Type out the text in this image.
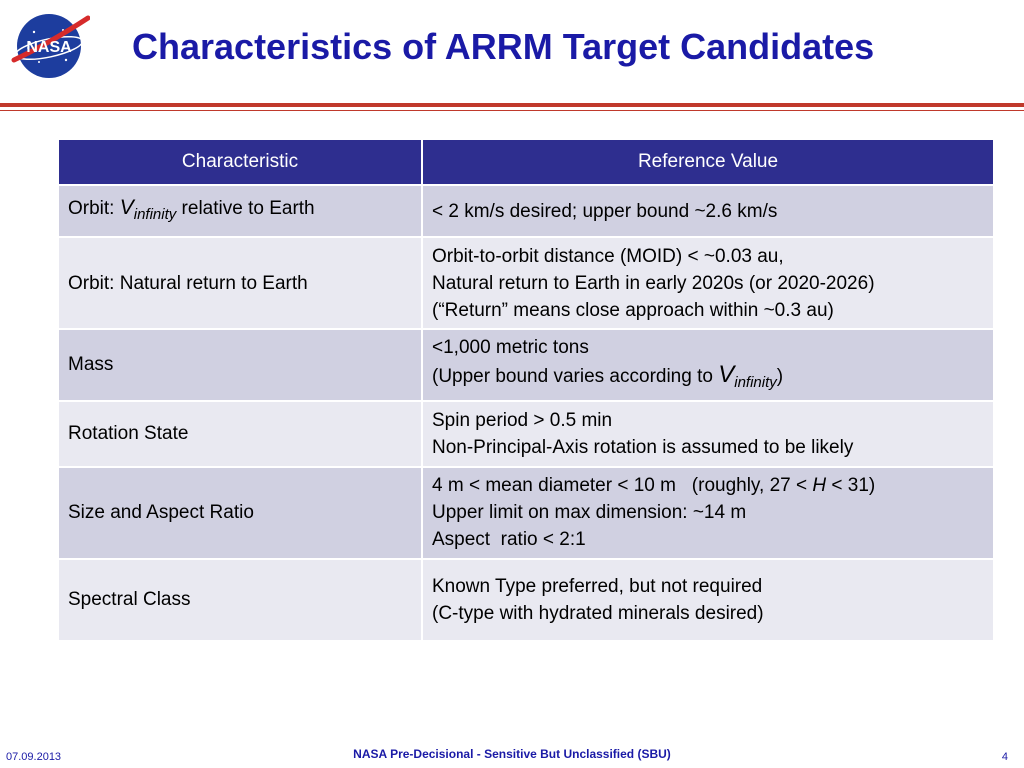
NASA Characteristics of ARRM Target Candidates
Characteristic	Reference Value
Orbit: $V_{infinity}$ relative to Earth	< 2 km/s desired; upper bound ~2.6 km/s

Orbit: Natural return to Earth	Orbit-to-orbit distance (MOID) < ~0.03 au,
Natural return to Earth in early 2020s (or 2020-2026)
(“Return” means close approach within ~0.3 au)

Mass	<1,000 metric tons
(Upper bound varies according to $V_{infinity}$)

Rotation State	Spin period > 0.5 min
Non-Principal-Axis rotation is assumed to be likely

Size and Aspect Ratio	4 m < mean diameter < 10 m   (roughly, 27 < H < 31)
Upper limit on max dimension: ~14 m
Aspect  ratio < 2:1

Spectral Class	Known Type preferred, but not required
(C-type with hydrated minerals desired)
07.09.2013	NASA Pre-Decisional - Sensitive But Unclassified (SBU)	4
